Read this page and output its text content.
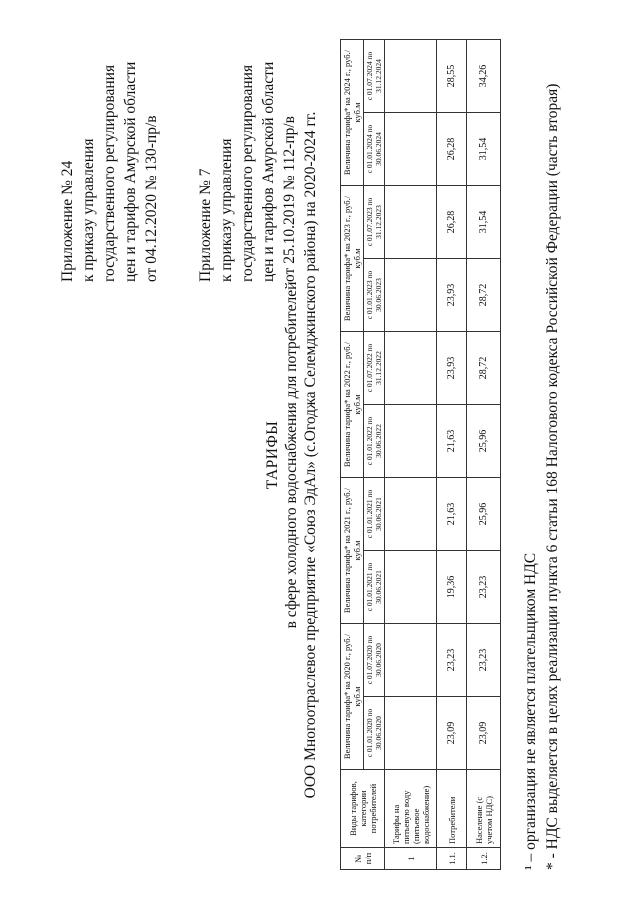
Приложение № 24 к приказу управления государственного регулирования цен и тарифов Амурской области от 04.12.2020 № 130-пр/в Приложение № 7 к приказу управления государственного регулирования цен и тарифов Амурской области от 25.10.2019 № 112-пр/в
ТАРИФЫ в сфере холодного водоснабжения для потребителей ООО Многоотраслевое предприятие «Союз ЭдАл» (с.Огоджа Селемджинского района) на 2020-2024 гг.
№ п/п	Виды тарифов, категории потребителей	Величина тарифа* на 2020 г., руб./куб.м		Величина тарифа* на 2021 г., руб./куб.м		Величина тарифа* на 2022 г., руб./куб.м		Величина тарифа* на 2023 г., руб./куб.м		Величина тарифа* на 2024 г., руб./куб.м	
		с 01.01.2020 по 30.06.2020	с 01.07.2020 по 30.06.2020	с 01.01.2021 по 30.06.2021	с 01.01.2021 по 30.06.2021	с 01.01.2022 по 30.06.2022	с 01.07.2022 по 31.12.2022	с 01.01.2023 по 30.06.2023	с 01.07.2023 по 31.12.2023	с 01.01.2024 по 30.06.2024	с 01.07.2024 по 31.12.2024
1	Тарифы на питьевую воду (питьевое водоснабжение)										
1.1.	Потребители	23,09	23,23	19,36	21,63	21,63	23,93	23,93	26,28	26,28	28,55
1.2.	Население (с учетом НДС)	23,09	23,23	23,23	25,96	25,96	28,72	28,72	31,54	31,54	34,26
¹ – организация не является плательщиком НДС * - НДС выделяется в целях реализации пункта 6 статьи 168 Налогового кодекса Российской Федерации (часть вторая)
